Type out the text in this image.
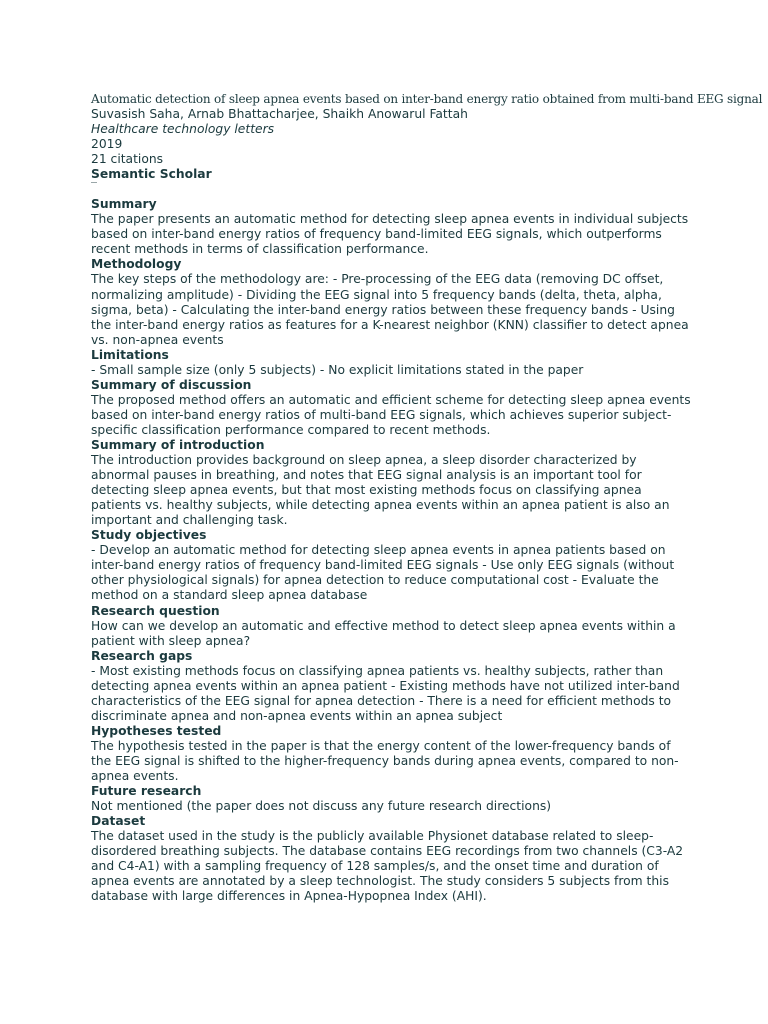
Automatic detection of sleep apnea events based on inter-band energy ratio obtained from multi-band EEG signal
Suvasish Saha, Arnab Bhattacharjee, Shaikh Anowarul Fattah
Healthcare technology letters
2019
21 citations
Semantic Scholar
Summary
The paper presents an automatic method for detecting sleep apnea events in individual subjects based on inter-band energy ratios of frequency band-limited EEG signals, which outperforms recent methods in terms of classification performance.
Methodology
The key steps of the methodology are: - Pre-processing of the EEG data (removing DC offset, normalizing amplitude) - Dividing the EEG signal into 5 frequency bands (delta, theta, alpha, sigma, beta) - Calculating the inter-band energy ratios between these frequency bands - Using the inter-band energy ratios as features for a K-nearest neighbor (KNN) classifier to detect apnea vs. non-apnea events
Limitations
- Small sample size (only 5 subjects) - No explicit limitations stated in the paper
Summary of discussion
The proposed method offers an automatic and efficient scheme for detecting sleep apnea events based on inter-band energy ratios of multi-band EEG signals, which achieves superior subject-specific classification performance compared to recent methods.
Summary of introduction
The introduction provides background on sleep apnea, a sleep disorder characterized by abnormal pauses in breathing, and notes that EEG signal analysis is an important tool for detecting sleep apnea events, but that most existing methods focus on classifying apnea patients vs. healthy subjects, while detecting apnea events within an apnea patient is also an important and challenging task.
Study objectives
- Develop an automatic method for detecting sleep apnea events in apnea patients based on inter-band energy ratios of frequency band-limited EEG signals - Use only EEG signals (without other physiological signals) for apnea detection to reduce computational cost - Evaluate the method on a standard sleep apnea database
Research question
How can we develop an automatic and effective method to detect sleep apnea events within a patient with sleep apnea?
Research gaps
- Most existing methods focus on classifying apnea patients vs. healthy subjects, rather than detecting apnea events within an apnea patient - Existing methods have not utilized inter-band characteristics of the EEG signal for apnea detection - There is a need for efficient methods to discriminate apnea and non-apnea events within an apnea subject
Hypotheses tested
The hypothesis tested in the paper is that the energy content of the lower-frequency bands of the EEG signal is shifted to the higher-frequency bands during apnea events, compared to non-apnea events.
Future research
Not mentioned (the paper does not discuss any future research directions)
Dataset
The dataset used in the study is the publicly available Physionet database related to sleep-disordered breathing subjects. The database contains EEG recordings from two channels (C3-A2 and C4-A1) with a sampling frequency of 128 samples/s, and the onset time and duration of apnea events are annotated by a sleep technologist. The study considers 5 subjects from this database with large differences in Apnea-Hypopnea Index (AHI).
